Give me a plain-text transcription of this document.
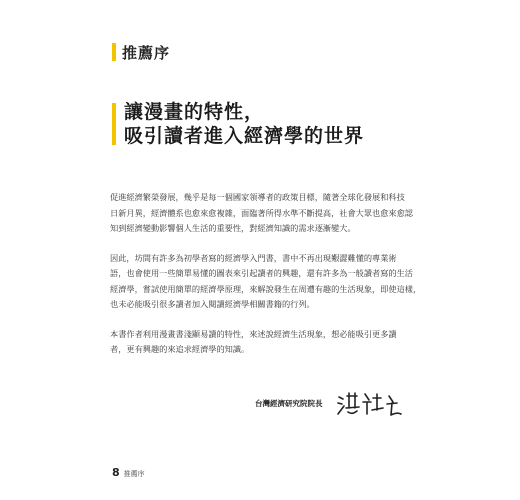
推薦序
讓漫畫的特性，
吸引讀者進入經濟學的世界

促進經濟繁榮發展，幾乎是每一個國家領導者的政策目標，隨著全球化發展和科技
日新月異，經濟體系也愈來愈複雜，面臨著所得水準不斷提高，社會大眾也愈來愈認
知到經濟變動影響個人生活的重要性，對經濟知識的需求逐漸變大。

因此，坊間有許多為初學者寫的經濟學入門書，書中不再出現艱澀難懂的專業術
語，也會使用一些簡單易懂的圖表來引起讀者的興趣，還有許多為一般讀者寫的生活
經濟學，嘗試使用簡單的經濟學原理，來解說發生在周遭有趣的生活現象，即使這樣，
也未必能吸引很多讀者加入閱讀經濟學相關書籍的行列。

本書作者利用漫畫書淺顯易讀的特性，來述說經濟生活現象，想必能吸引更多讀
者，更有興趣的來追求經濟學的知識。

台灣經濟研究院院長
8 推薦序
